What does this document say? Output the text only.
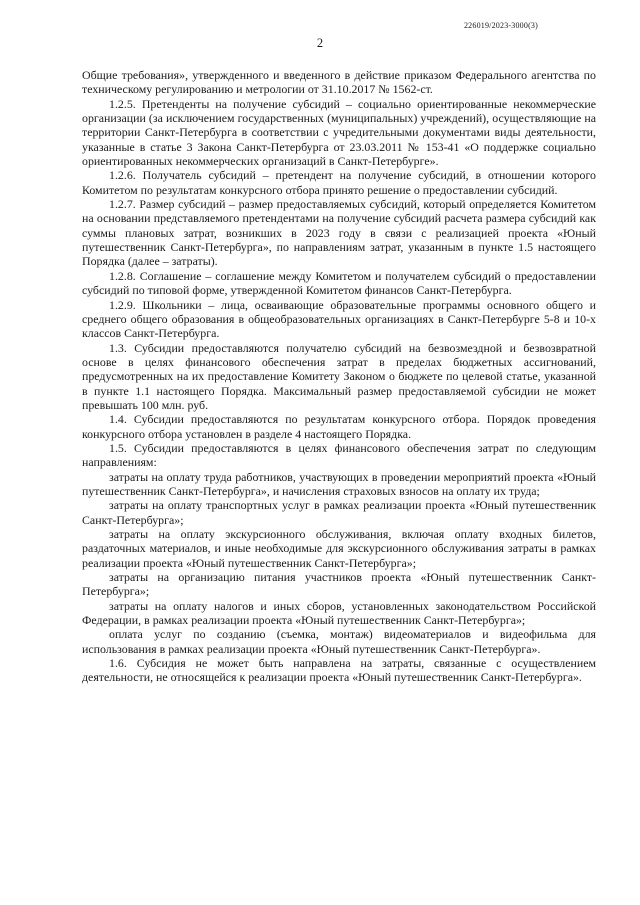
226019/2023-3000(3)
2

Общие требования», утвержденного и введенного в действие приказом Федерального агентства по техническому регулированию и метрологии от 31.10.2017 № 1562-ст.

1.2.5. Претенденты на получение субсидий – социально ориентированные некоммерческие организации (за исключением государственных (муниципальных) учреждений), осуществляющие на территории Санкт-Петербурга в соответствии с учредительными документами виды деятельности, указанные в статье 3 Закона Санкт-Петербурга от 23.03.2011 № 153-41 «О поддержке социально ориентированных некоммерческих организаций в Санкт-Петербурге».

1.2.6. Получатель субсидий – претендент на получение субсидий, в отношении которого Комитетом по результатам конкурсного отбора принято решение о предоставлении субсидий.

1.2.7. Размер субсидий – размер предоставляемых субсидий, который определяется Комитетом на основании представляемого претендентами на получение субсидий расчета размера субсидий как суммы плановых затрат, возникших в 2023 году в связи с реализацией проекта «Юный путешественник Санкт-Петербурга», по направлениям затрат, указанным в пункте 1.5 настоящего Порядка (далее – затраты).

1.2.8. Соглашение – соглашение между Комитетом и получателем субсидий о предоставлении субсидий по типовой форме, утвержденной Комитетом финансов Санкт-Петербурга.

1.2.9. Школьники – лица, осваивающие образовательные программы основного общего и среднего общего образования в общеобразовательных организациях в Санкт-Петербурге 5-8 и 10-х классов Санкт-Петербурга.

1.3. Субсидии предоставляются получателю субсидий на безвозмездной и безвозвратной основе в целях финансового обеспечения затрат в пределах бюджетных ассигнований, предусмотренных на их предоставление Комитету Законом о бюджете по целевой статье, указанной в пункте 1.1 настоящего Порядка. Максимальный размер предоставляемой субсидии не может превышать 100 млн. руб.

1.4. Субсидии предоставляются по результатам конкурсного отбора. Порядок проведения конкурсного отбора установлен в разделе 4 настоящего Порядка.

1.5. Субсидии предоставляются в целях финансового обеспечения затрат по следующим направлениям:

затраты на оплату труда работников, участвующих в проведении мероприятий проекта «Юный путешественник Санкт-Петербурга», и начисления страховых взносов на оплату их труда;

затраты на оплату транспортных услуг в рамках реализации проекта «Юный путешественник Санкт-Петербурга»;

затраты на оплату экскурсионного обслуживания, включая оплату входных билетов, раздаточных материалов, и иные необходимые для экскурсионного обслуживания затраты в рамках реализации проекта «Юный путешественник Санкт-Петербурга»;

затраты на организацию питания участников проекта «Юный путешественник Санкт-Петербурга»;

затраты на оплату налогов и иных сборов, установленных законодательством Российской Федерации, в рамках реализации проекта «Юный путешественник Санкт-Петербурга»;

оплата услуг по созданию (съемка, монтаж) видеоматериалов и видеофильма для использования в рамках реализации проекта «Юный путешественник Санкт-Петербурга».

1.6. Субсидия не может быть направлена на затраты, связанные с осуществлением деятельности, не относящейся к реализации проекта «Юный путешественник Санкт-Петербурга».
